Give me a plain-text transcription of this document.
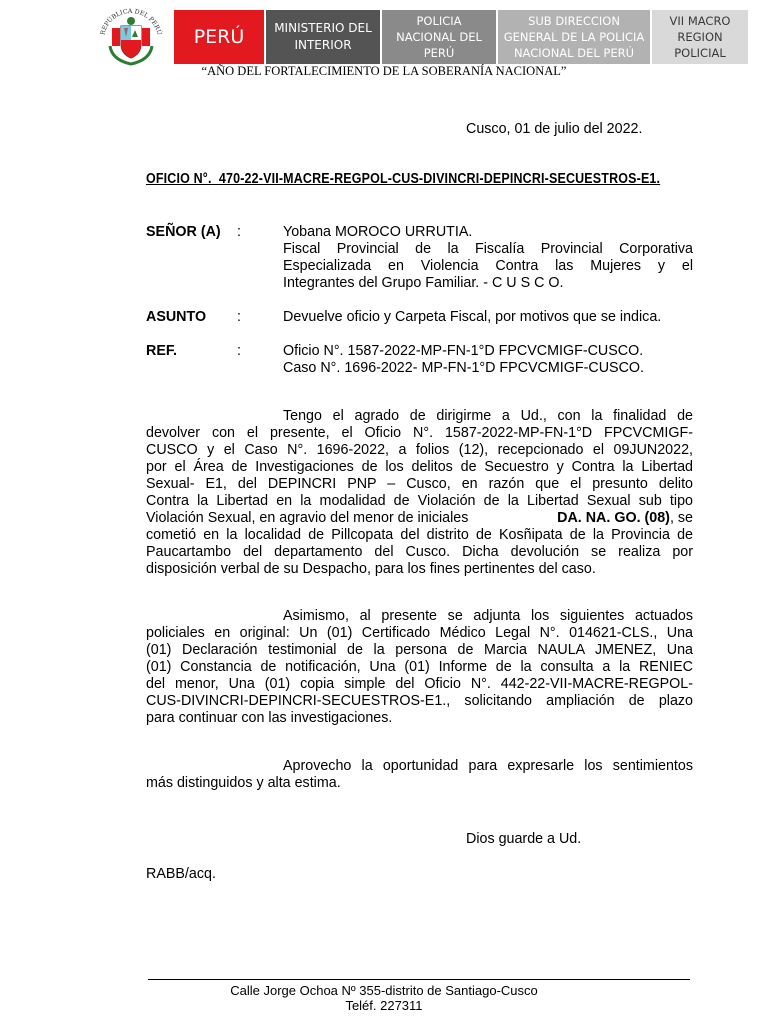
REPÚBLICA DEL PERÚ PERÚ MINISTERIO DEL INTERIOR
POLICIA NACIONAL DEL PERÚ
SUB DIRECCION GENERAL DE LA POLICIA NACIONAL DEL PERÚ
VII MACRO REGION POLICIAL
“AÑO DEL FORTALECIMIENTO DE LA SOBERANÍA NACIONAL”
Cusco, 01 de julio del 2022.
OFICIO N°. 470-22-VII-MACRE-REGPOL-CUS-DIVINCRI-DEPINCRI-SECUESTROS-E1.
SEÑOR (A) :	Yobana MOROCO URRUTIA.
Fiscal Provincial de la Fiscalía Provincial Corporativa
Especializada en Violencia Contra las Mujeres y el
Integrantes del Grupo Familiar. - C U S C O.
ASUNTO :	Devuelve oficio y Carpeta Fiscal, por motivos que se indica.
REF.	:	Oficio N°. 1587-2022-MP-FN-1°D FPCVCMIGF-CUSCO.
Caso N°. 1696-2022- MP-FN-1°D FPCVCMIGF-CUSCO.
Tengo el agrado de dirigirme a Ud., con la finalidad de
devolver con el presente, el Oficio N°. 1587-2022-MP-FN-1°D FPCVCMIGF-
CUSCO y el Caso N°. 1696-2022, a folios (12), recepcionado el 09JUN2022,
por el Área de Investigaciones de los delitos de Secuestro y Contra la Libertad
Sexual- E1, del DEPINCRI PNP – Cusco, en razón que el presunto delito
Contra la Libertad en la modalidad de Violación de la Libertad Sexual sub tipo
Violación Sexual, en agravio del menor de iniciales	DA. NA. GO. (08), se
cometió en la localidad de Pillcopata del distrito de Kosñipata de la Provincia de
Paucartambo del departamento del Cusco. Dicha devolución se realiza por
disposición verbal de su Despacho, para los fines pertinentes del caso.
Asimismo, al presente se adjunta los siguientes actuados
policiales en original: Un (01) Certificado Médico Legal N°. 014621-CLS., Una
(01) Declaración testimonial de la persona de Marcia NAULA JMENEZ, Una
(01) Constancia de notificación, Una (01) Informe de la consulta a la RENIEC
del menor, Una (01) copia simple del Oficio N°. 442-22-VII-MACRE-REGPOL-
CUS-DIVINCRI-DEPINCRI-SECUESTROS-E1., solicitando ampliación de plazo
para continuar con las investigaciones.
Aprovecho la oportunidad para expresarle los sentimientos
más distinguidos y alta estima.
Dios guarde a Ud.
RABB/acq.
Calle Jorge Ochoa Nº 355-distrito de Santiago-Cusco
Teléf. 227311
